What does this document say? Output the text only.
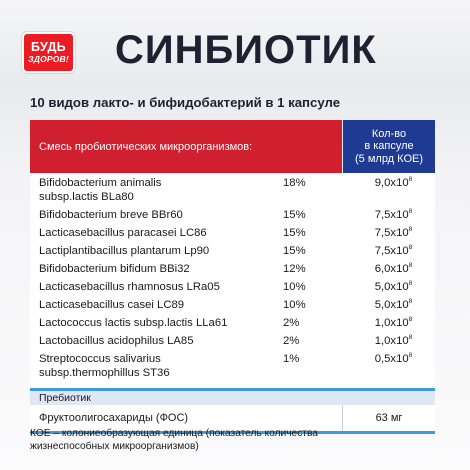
БУДЬ
ЗДОРОВ! СИНБИОТИК

10 видов лакто- и бифидобактерий в 1 капсуле

Смесь пробиотических микроорганизмов:
Кол-во
в капсуле
(5 млрд КОЕ)
Bifidobacterium animalis
subsp.lactis BLa80
18%	$9,0x10^8$
Bifidobacterium breve BBr60	15%	$7,5x10^8$
Lacticasebacillus paracasei LC86	15%	$7,5x10^8$
Lactiplantibacillus plantarum Lp90	15%	$7,5x10^8$
Bifidobacterium bifidum BBi32	12%	$6,0x10^8$
Lacticasebacillus rhamnosus LRa05	10%	$5,0x10^8$
Lacticasebacillus casei LC89	10%	$5,0x10^8$
Lactococcus lactis subsp.lactis LLa61	2%	$1,0x10^8$
Lactobacillus acidophilus LA85	2%	$1,0x10^8$
Streptococcus salivarius
subsp.thermophillus ST36
1%	$0,5x10^8$
Пребиотик
Фруктоолигосахариды (ФОС)	63 мг

КОЕ – колониеобразующая единица (показатель количества
жизнеспособных микроорганизмов)
